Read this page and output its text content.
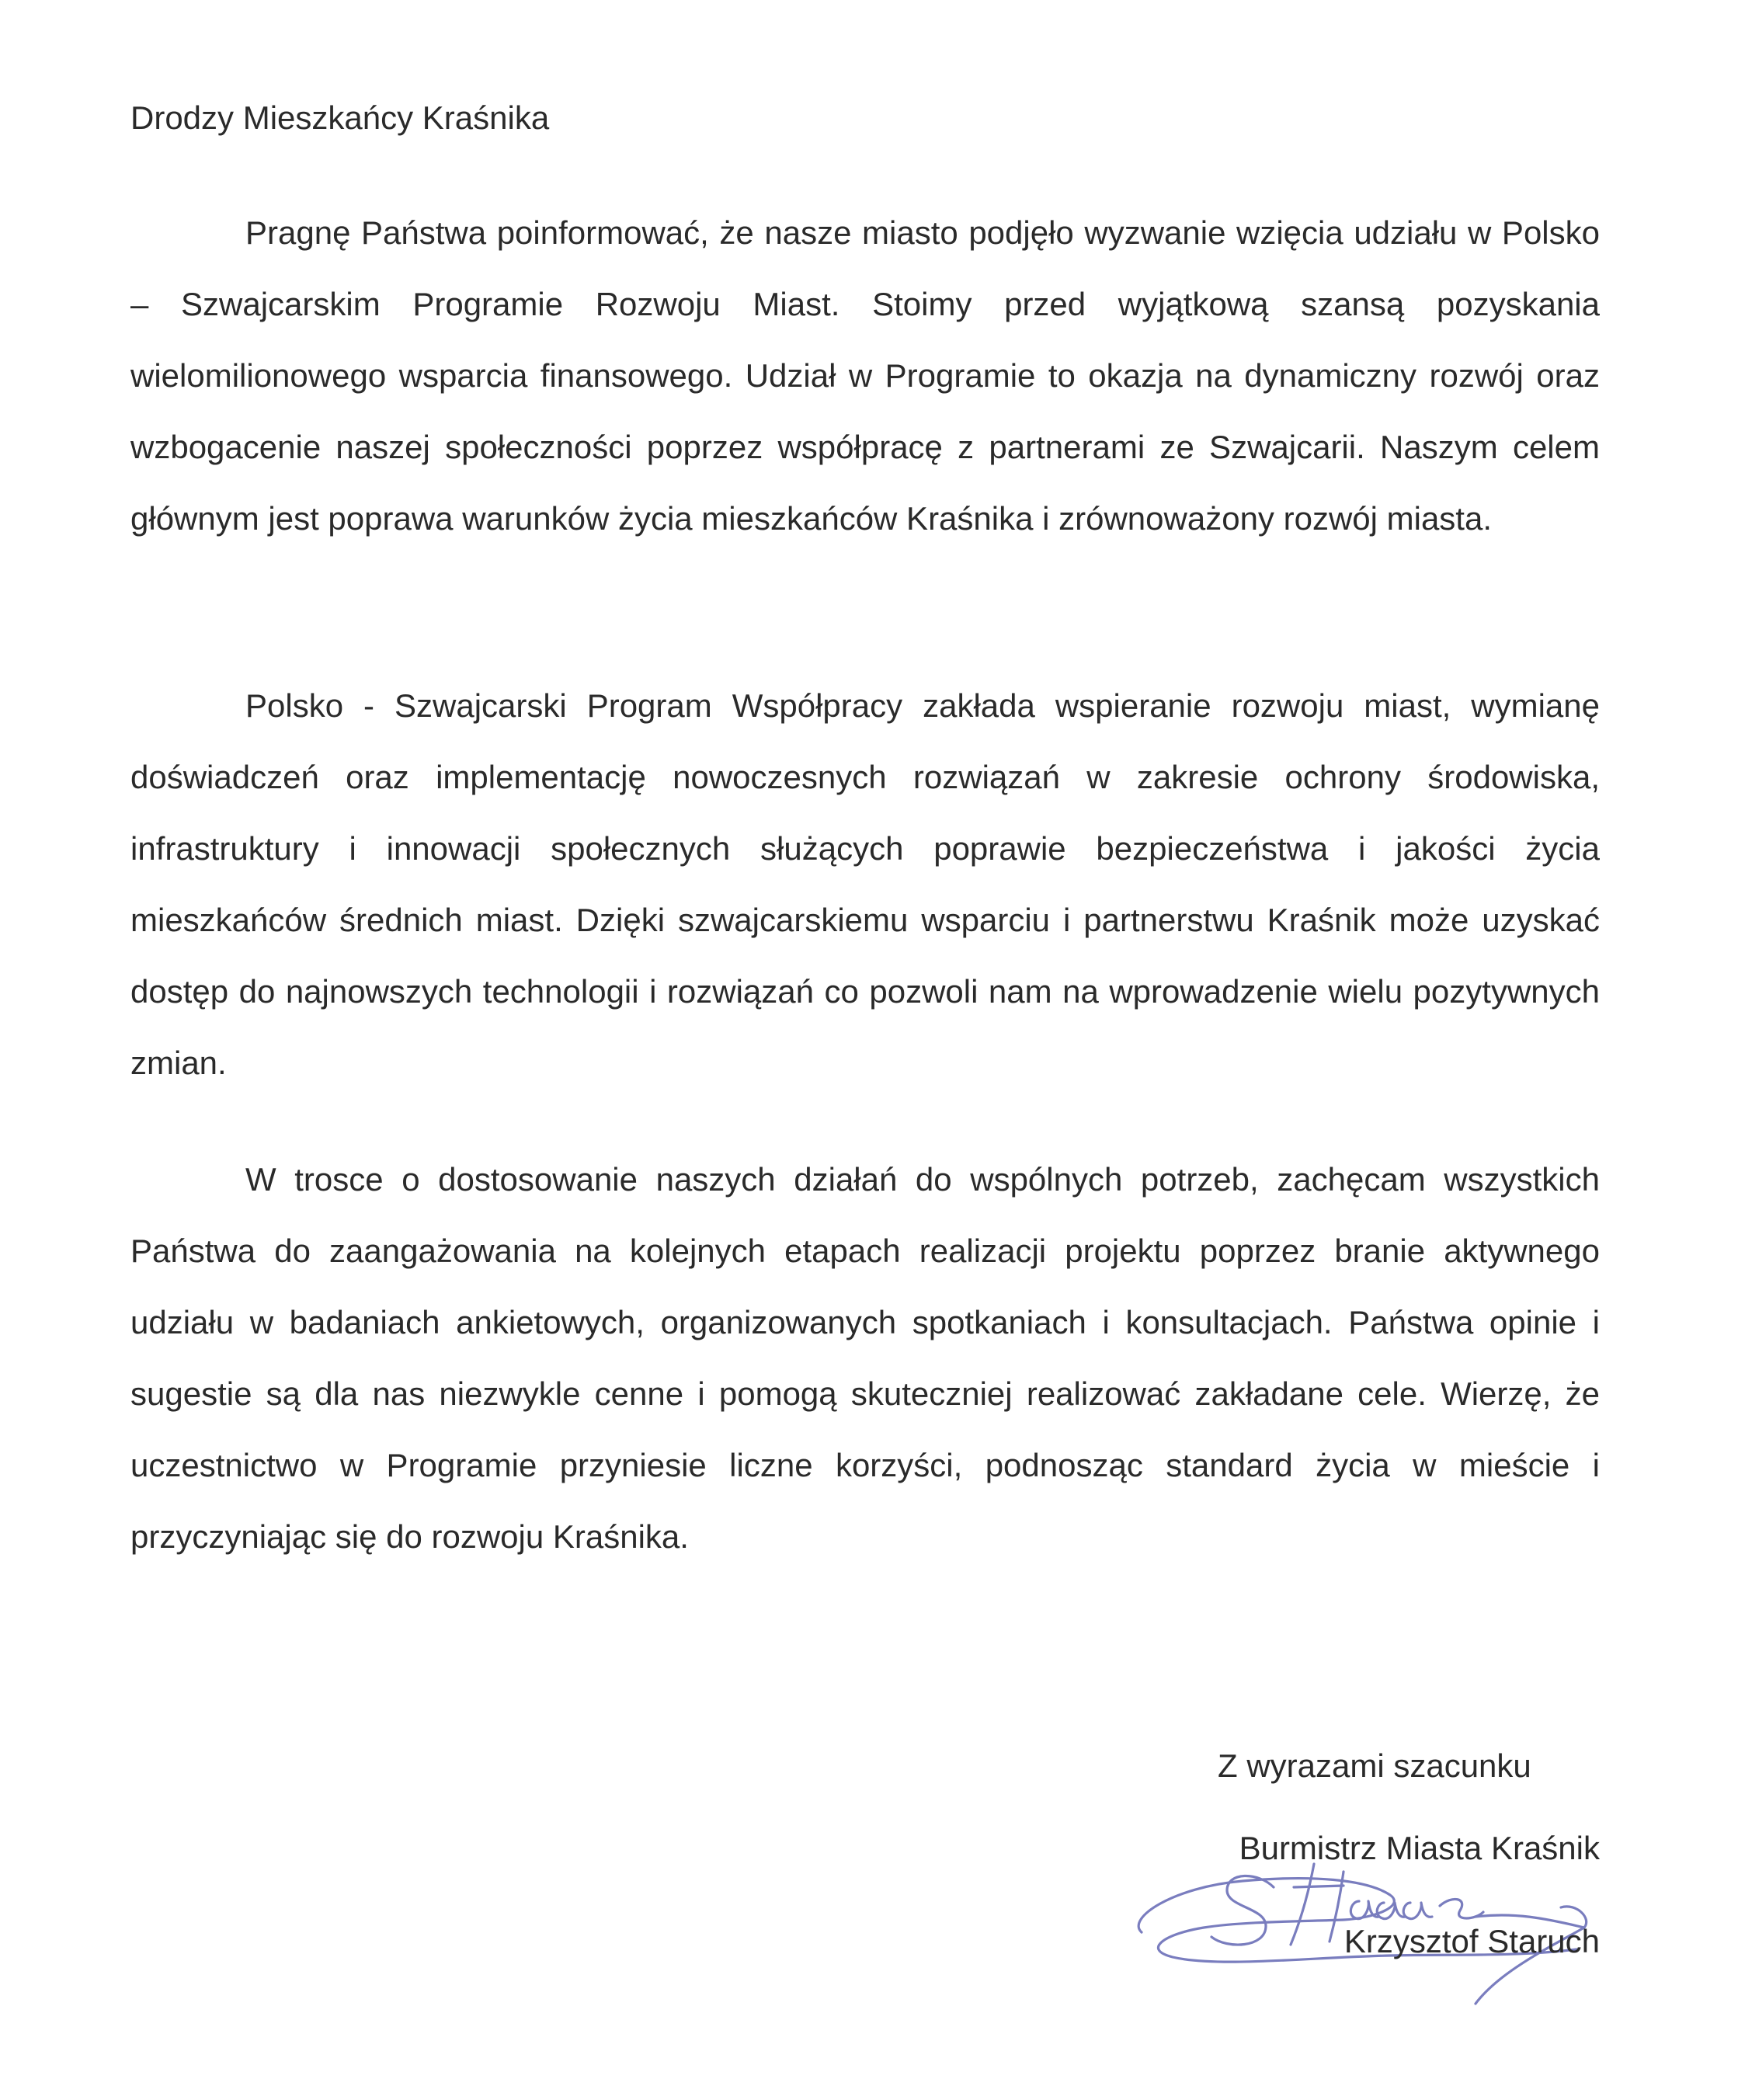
Drodzy Mieszkańcy Kraśnika

Pragnę Państwa poinformować, że nasze miasto podjęło wyzwanie wzięcia udziału w Polsko – Szwajcarskim Programie Rozwoju Miast. Stoimy przed wyjątkową szansą pozyskania wielomilionowego wsparcia finansowego. Udział w Programie to okazja na dynamiczny rozwój oraz wzbogacenie naszej społeczności poprzez współpracę z partnerami ze Szwajcarii. Naszym celem głównym jest poprawa warunków życia mieszkańców Kraśnika i zrównoważony rozwój miasta.

Polsko - Szwajcarski Program Współpracy zakłada wspieranie rozwoju miast, wymianę doświadczeń oraz implementację nowoczesnych rozwiązań w zakresie ochrony środowiska, infrastruktury i innowacji społecznych służących poprawie bezpieczeństwa i jakości życia mieszkańców średnich miast. Dzięki szwajcarskiemu wsparciu i partnerstwu Kraśnik może uzyskać dostęp do najnowszych technologii i rozwiązań co pozwoli nam na wprowadzenie wielu pozytywnych zmian.

W trosce o dostosowanie naszych działań do wspólnych potrzeb, zachęcam wszystkich Państwa do zaangażowania na kolejnych etapach realizacji projektu poprzez branie aktywnego udziału w badaniach ankietowych, organizowanych spotkaniach i konsultacjach. Państwa opinie i sugestie są dla nas niezwykle cenne i pomogą skuteczniej realizować zakładane cele. Wierzę, że uczestnictwo w Programie przyniesie liczne korzyści, podnosząc standard życia w mieście i przyczyniając się do rozwoju Kraśnika.

Z wyrazami szacunku
Burmistrz Miasta Kraśnik
Krzysztof Staruch
